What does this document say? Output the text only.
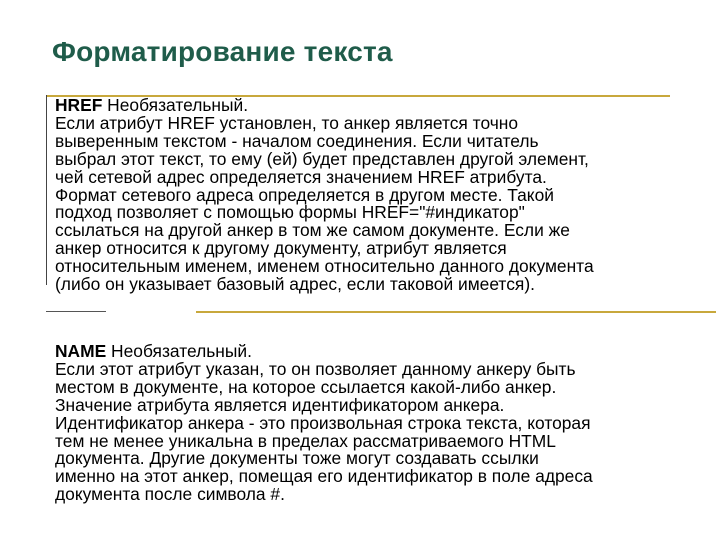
Форматирование текста
HREF Необязательный.
Если атрибут HREF установлен, то анкер является точно
выверенным текстом - началом соединения. Если читатель
выбрал этот текст, то ему (ей) будет представлен другой элемент,
чей сетевой адрес определяется значением HREF атрибута.
Формат сетевого адреса определяется в другом месте. Такой
подход позволяет с помощью формы HREF="#индикатор"
ссылаться на другой анкер в том же самом документе. Если же
анкер относится к другому документу, атрибут является
относительным именем, именем относительно данного документа
(либо он указывает базовый адрес, если таковой имеется).
NAME Необязательный.
Если этот атрибут указан, то он позволяет данному анкеру быть
местом в документе, на которое ссылается какой-либо анкер.
Значение атрибута является идентификатором анкера.
Идентификатор анкера - это произвольная строка текста, которая
тем не менее уникальна в пределах рассматриваемого HTML
документа. Другие документы тоже могут создавать ссылки
именно на этот анкер, помещая его идентификатор в поле адреса
документа после символа #.
